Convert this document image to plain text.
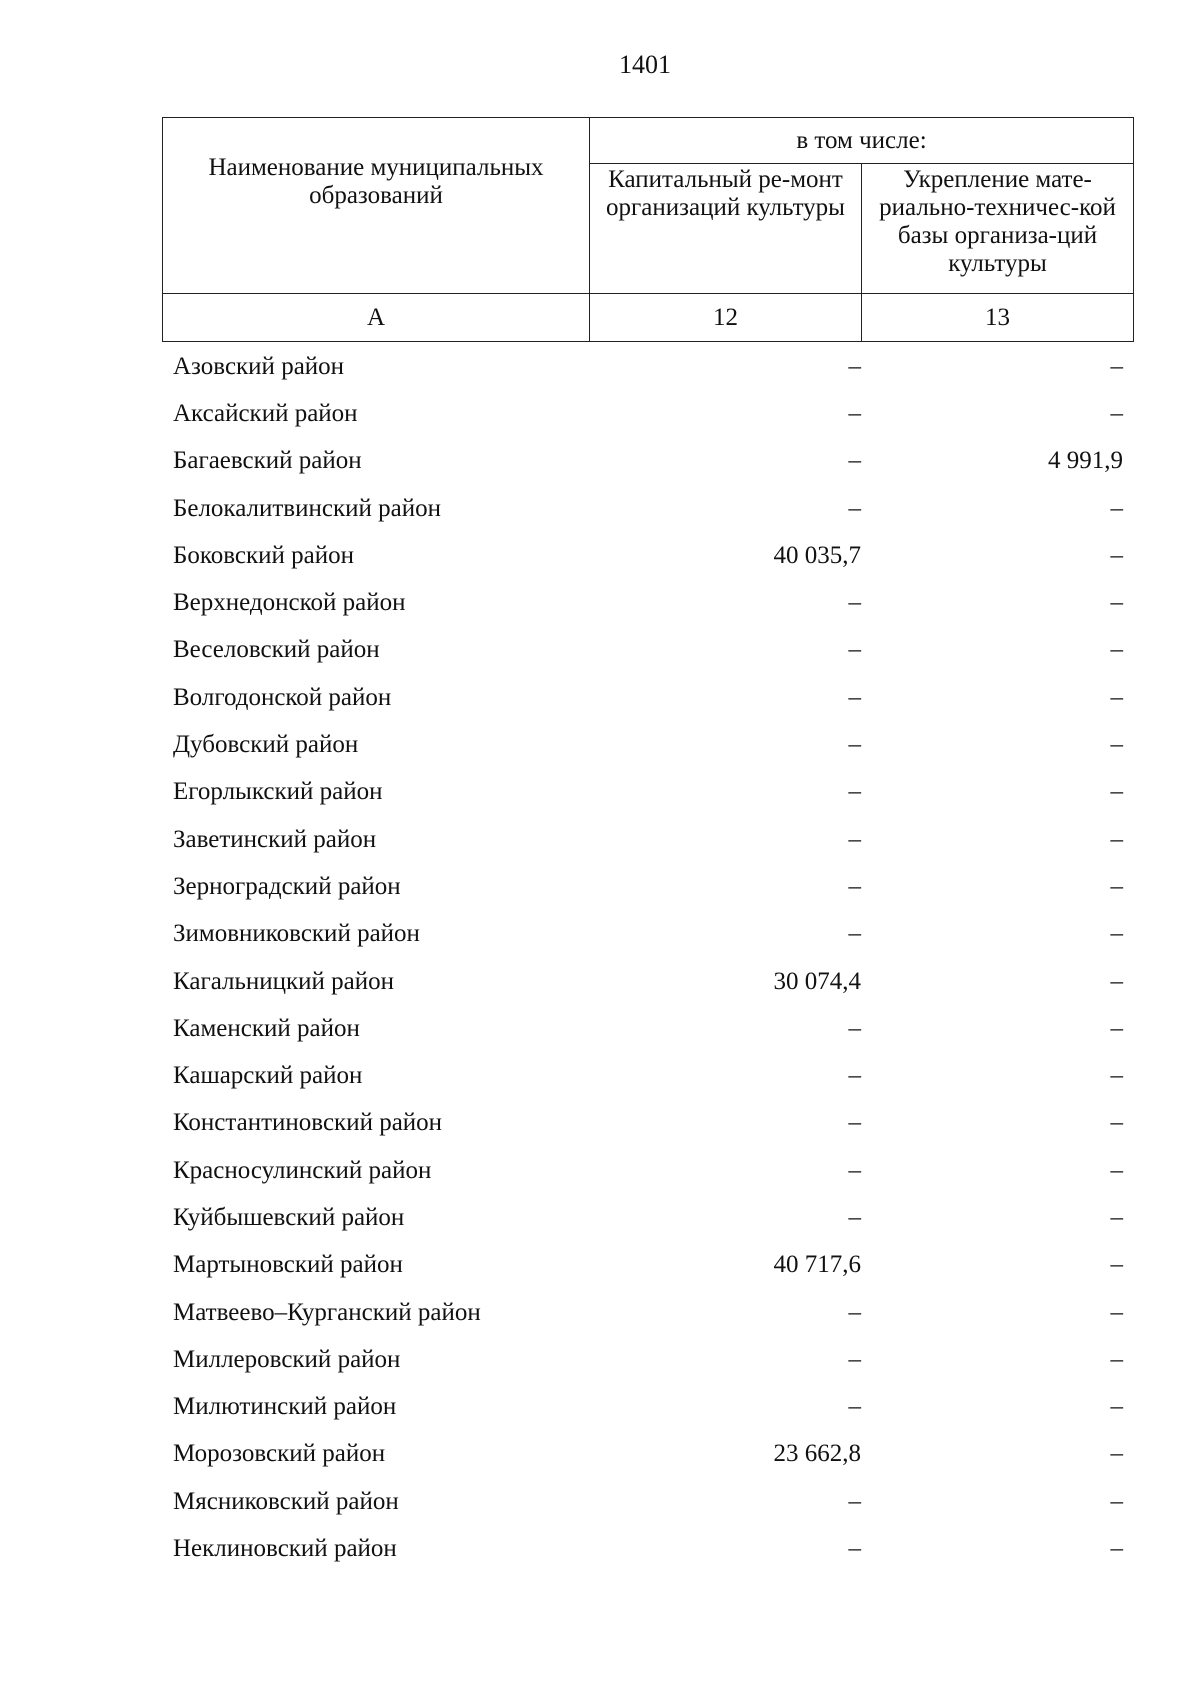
1401
Наименование муниципальных образований	в том числе:	
	Капитальный ре-монт организаций культуры	Укрепление мате-риально-техничес-кой базы организа-ций культуры
А	12	13
Азовский район	–	–
Аксайский район	–	–
Багаевский район	–	4 991,9
Белокалитвинский район	–	–
Боковский район	40 035,7	–
Верхнедонской район	–	–
Веселовский район	–	–
Волгодонской район	–	–
Дубовский район	–	–
Егорлыкский район	–	–
Заветинский район	–	–
Зерноградский район	–	–
Зимовниковский район	–	–
Кагальницкий район	30 074,4	–
Каменский район	–	–
Кашарский район	–	–
Константиновский район	–	–
Красносулинский район	–	–
Куйбышевский район	–	–
Мартыновский район	40 717,6	–
Матвеево–Курганский район	–	–
Миллеровский район	–	–
Милютинский район	–	–
Морозовский район	23 662,8	–
Мясниковский район	–	–
Неклиновский район	–	–
